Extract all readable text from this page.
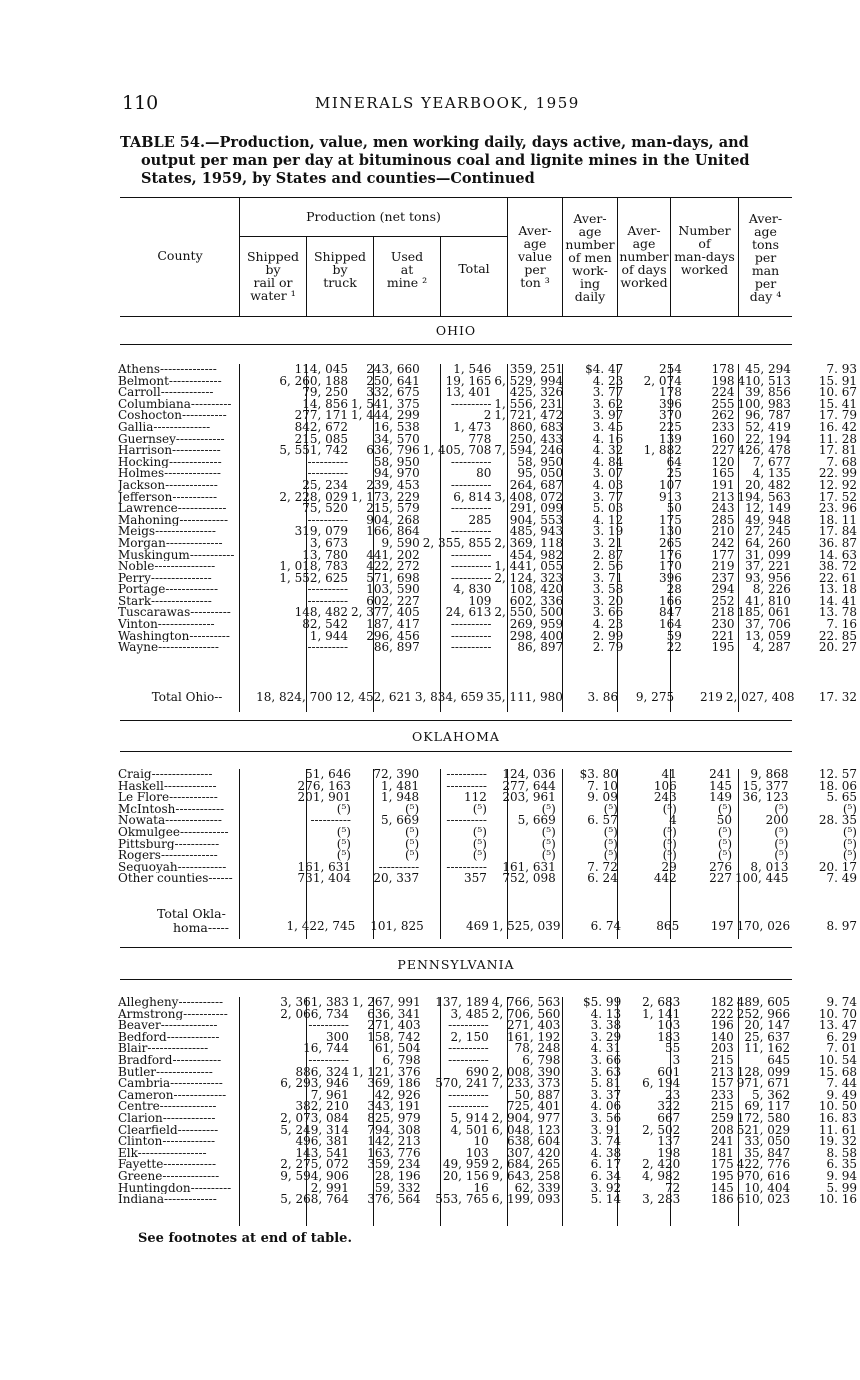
110	MINERALS YEARBOOK, 1959
TABLE 54.—Production, value, men working daily, days active, man-days, and
output per man per day at bituminous coal and lignite mines in the United
States, 1959, by States and counties—Continued
County
Production (net tons)
Shipped
by
rail or
water ¹
Shipped
by
truck
Used
at
mine ²
Total
Aver-
age
value
per
ton ³
Aver-
age
number
of men
work-
ing
daily
Aver-
age
number
of days
worked
Number
of
man-days
worked
Aver-
age
tons
per
man
per
day ⁴
OHIO
Athens--------------	114, 045	243, 660	1, 546	359, 251	$4. 47	254	178	45, 294	7. 93
Belmont-------------	6, 260, 188	250, 641	19, 165	6, 529, 994	4. 23	2, 074	198	410, 513	15. 91
Carroll-------------	79, 250	332, 675	13, 401	425, 326	3. 77	178	224	39, 856	10. 67
Columbiana----------	14, 856	1, 541, 375	----------	1, 556, 231	3. 62	396	255	100, 983	15. 41
Coshocton-----------	277, 171	1, 444, 299	2	1, 721, 472	3. 97	370	262	96, 787	17. 79
Gallia--------------	842, 672	16, 538	1, 473	860, 683	3. 45	225	233	52, 419	16. 42
Guernsey------------	215, 085	34, 570	778	250, 433	4. 16	139	160	22, 194	11. 28
Harrison------------	5, 551, 742	636, 796	1, 405, 708	7, 594, 246	4. 32	1, 882	227	426, 478	17. 81
Hocking-------------	----------	58, 950	----------	58, 950	4. 84	64	120	7, 677	7. 68
Holmes--------------	----------	94, 970	80	95, 050	3. 07	25	165	4, 135	22. 99
Jackson-------------	25, 234	239, 453	----------	264, 687	4. 03	107	191	20, 482	12. 92
Jefferson-----------	2, 228, 029	1, 173, 229	6, 814	3, 408, 072	3. 77	913	213	194, 563	17. 52
Lawrence------------	75, 520	215, 579	----------	291, 099	5. 03	50	243	12, 149	23. 96
Mahoning------------	----------	904, 268	285	904, 553	4. 12	175	285	49, 948	18. 11
Meigs---------------	319, 079	166, 864	----------	485, 943	3. 19	130	210	27, 245	17. 84
Morgan--------------	3, 673	9, 590	2, 355, 855	2, 369, 118	3. 21	265	242	64, 260	36. 87
Muskingum-----------	13, 780	441, 202	----------	454, 982	2. 87	176	177	31, 099	14. 63
Noble---------------	1, 018, 783	422, 272	----------	1, 441, 055	2. 56	170	219	37, 221	38. 72
Perry---------------	1, 552, 625	571, 698	----------	2, 124, 323	3. 71	396	237	93, 956	22. 61
Portage-------------	----------	103, 590	4, 830	108, 420	3. 58	28	294	8, 226	13. 18
Stark---------------	----------	602, 227	109	602, 336	3. 20	166	252	41, 810	14. 41
Tuscarawas----------	148, 482	2, 377, 405	24, 613	2, 550, 500	3. 66	847	218	185, 061	13. 78
Vinton--------------	82, 542	187, 417	----------	269, 959	4. 23	164	230	37, 706	7. 16
Washington----------	1, 944	296, 456	----------	298, 400	2. 99	59	221	13, 059	22. 85
Wayne---------------	----------	86, 897	----------	86, 897	2. 79	22	195	4, 287	20. 27
Total Ohio--	18, 824, 700	12, 452, 621	3, 834, 659	35, 111, 980	3. 86	9, 275	219	2, 027, 408	17. 32
OKLAHOMA
Craig---------------	51, 646	72, 390	----------	124, 036	$3. 80	41	241	9, 868	12. 57
Haskell-------------	276, 163	1, 481	----------	277, 644	7. 10	106	145	15, 377	18. 06
Le Flore------------	201, 901	1, 948	112	203, 961	9. 09	243	149	36, 123	5. 65
McIntosh------------	(⁵)	(⁵)	(⁵)	(⁵)	(⁵)	(⁵)	(⁵)	(⁵)	(⁵)
Nowata--------------	----------	5, 669	----------	5, 669	6. 57	4	50	200	28. 35
Okmulgee------------	(⁵)	(⁵)	(⁵)	(⁵)	(⁵)	(⁵)	(⁵)	(⁵)	(⁵)
Pittsburg-----------	(⁵)	(⁵)	(⁵)	(⁵)	(⁵)	(⁵)	(⁵)	(⁵)	(⁵)
Rogers--------------	(⁵)	(⁵)	(⁵)	(⁵)	(⁵)	(⁵)	(⁵)	(⁵)	(⁵)
Sequoyah------------	161, 631	----------	----------	161, 631	7. 72	29	276	8, 013	20. 17
Other counties------	731, 404	20, 337	357	752, 098	6. 24	442	227	100, 445	7. 49
Total Okla-
homa-----	1, 422, 745	101, 825	469	1, 525, 039	6. 74	865	197	170, 026	8. 97
PENNSYLVANIA
Allegheny-----------	3, 361, 383	1, 267, 991	137, 189	4, 766, 563	$5. 99	2, 683	182	489, 605	9. 74
Armstrong-----------	2, 066, 734	636, 341	3, 485	2, 706, 560	4. 13	1, 141	222	252, 966	10. 70
Beaver--------------	----------	271, 403	----------	271, 403	3. 38	103	196	20, 147	13. 47
Bedford-------------	300	158, 742	2, 150	161, 192	3. 29	183	140	25, 637	6. 29
Blair---------------	16, 744	61, 504	----------	78, 248	4. 31	55	203	11, 162	7. 01
Bradford------------	----------	6, 798	----------	6, 798	3. 66	3	215	645	10. 54
Butler--------------	886, 324	1, 121, 376	690	2, 008, 390	3. 63	601	213	128, 099	15. 68
Cambria-------------	6, 293, 946	369, 186	570, 241	7, 233, 373	5. 81	6, 194	157	971, 671	7. 44
Cameron-------------	7, 961	42, 926	----------	50, 887	3. 37	23	233	5, 362	9. 49
Centre--------------	382, 210	343, 191	----------	725, 401	4. 06	322	215	69, 117	10. 50
Clarion-------------	2, 073, 084	825, 979	5, 914	2, 904, 977	3. 56	667	259	172, 580	16. 83
Clearfield----------	5, 249, 314	794, 308	4, 501	6, 048, 123	3. 91	2, 502	208	521, 029	11. 61
Clinton-------------	496, 381	142, 213	10	638, 604	3. 74	137	241	33, 050	19. 32
Elk-----------------	143, 541	163, 776	103	307, 420	4. 38	198	181	35, 847	8. 58
Fayette-------------	2, 275, 072	359, 234	49, 959	2, 684, 265	6. 17	2, 420	175	422, 776	6. 35
Greene--------------	9, 594, 906	28, 196	20, 156	9, 643, 258	6. 34	4, 982	195	970, 616	9. 94
Huntingdon----------	2, 991	59, 332	16	62, 339	3. 92	72	145	10, 404	5. 99
Indiana-------------	5, 268, 764	376, 564	553, 765	6, 199, 093	5. 14	3, 283	186	610, 023	10. 16
See footnotes at end of table.
